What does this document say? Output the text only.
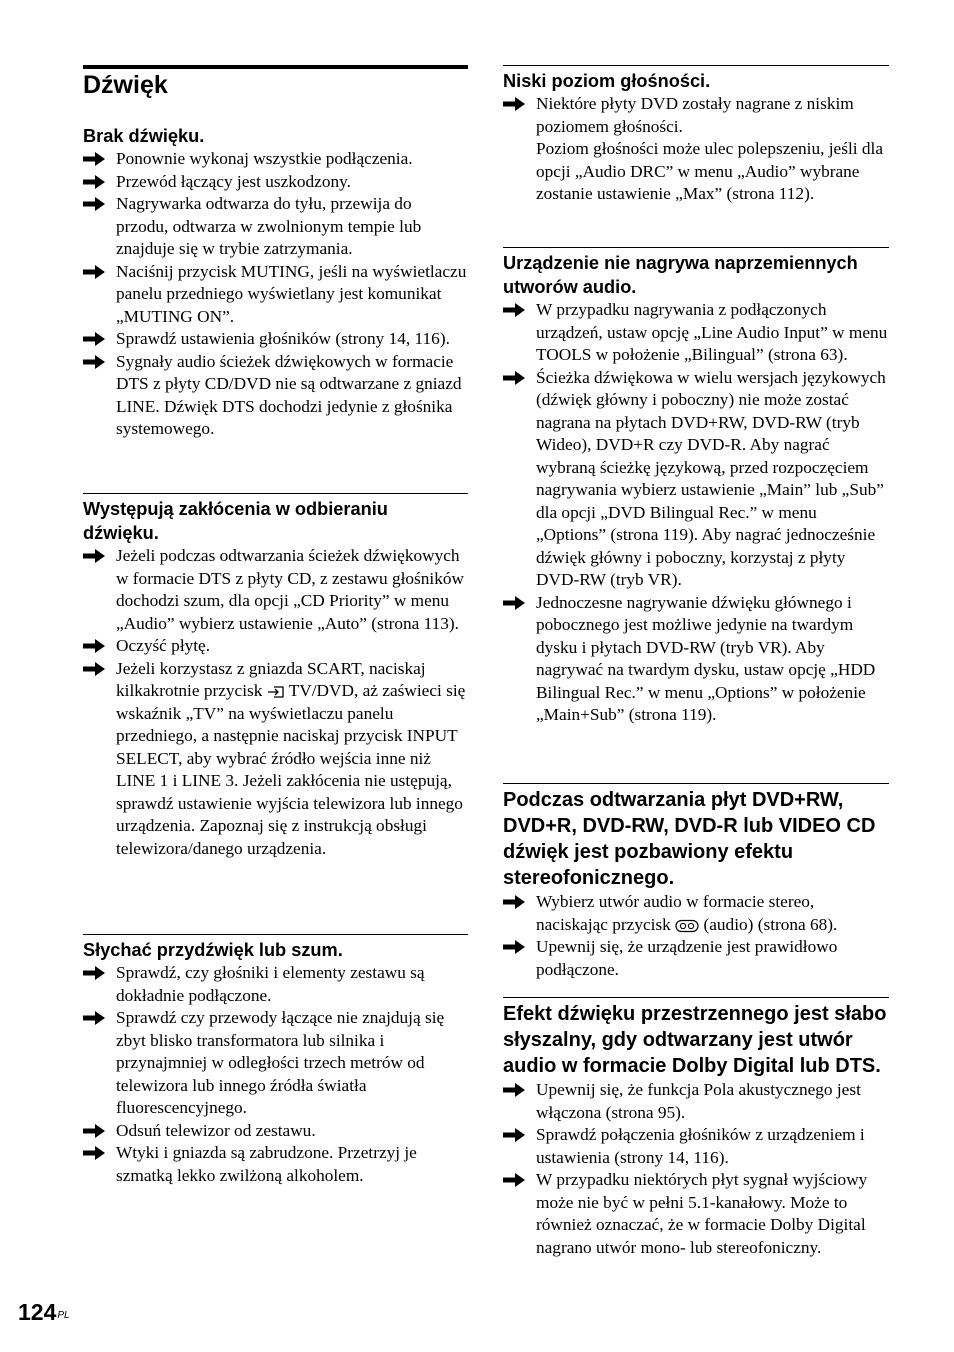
Dźwięk
Brak dźwięku.
Ponownie wykonaj wszystkie podłączenia.
Przewód łączący jest uszkodzony.
Nagrywarka odtwarza do tyłu, przewija do przodu, odtwarza w zwolnionym tempie lub znajduje się w trybie zatrzymania.
Naciśnij przycisk MUTING, jeśli na wyświetlaczu panelu przedniego wyświetlany jest komunikat „MUTING ON”.
Sprawdź ustawienia głośników (strony 14, 116).
Sygnały audio ścieżek dźwiękowych w formacie DTS z płyty CD/DVD nie są odtwarzane z gniazd LINE. Dźwięk DTS dochodzi jedynie z głośnika systemowego.
Występują zakłócenia w odbieraniu dźwięku.
Jeżeli podczas odtwarzania ścieżek dźwiękowych w formacie DTS z płyty CD, z zestawu głośników dochodzi szum, dla opcji „CD Priority” w menu „Audio” wybierz ustawienie „Auto” (strona 113).
Oczyść płytę.
Jeżeli korzystasz z gniazda SCART, naciskaj kilkakrotnie przycisk TV/DVD, aż zaświeci się wskaźnik „TV” na wyświetlaczu panelu przedniego, a następnie naciskaj przycisk INPUT SELECT, aby wybrać źródło wejścia inne niż LINE 1 i LINE 3. Jeżeli zakłócenia nie ustępują, sprawdź ustawienie wyjścia telewizora lub innego urządzenia. Zapoznaj się z instrukcją obsługi telewizora/danego urządzenia.
Słychać przydźwięk lub szum.
Sprawdź, czy głośniki i elementy zestawu są dokładnie podłączone.
Sprawdź czy przewody łączące nie znajdują się zbyt blisko transformatora lub silnika i przynajmniej w odległości trzech metrów od telewizora lub innego źródła światła fluorescencyjnego.
Odsuń telewizor od zestawu.
Wtyki i gniazda są zabrudzone. Przetrzyj je szmatką lekko zwilżoną alkoholem.
Niski poziom głośności.
Niektóre płyty DVD zostały nagrane z niskim poziomem głośności.
Poziom głośności może ulec polepszeniu, jeśli dla opcji „Audio DRC” w menu „Audio” wybrane zostanie ustawienie „Max” (strona 112).
Urządzenie nie nagrywa naprzemiennych utworów audio.
W przypadku nagrywania z podłączonych urządzeń, ustaw opcję „Line Audio Input” w menu TOOLS w położenie „Bilingual” (strona 63).
Ścieżka dźwiękowa w wielu wersjach językowych (dźwięk główny i poboczny) nie może zostać nagrana na płytach DVD+RW, DVD-RW (tryb Wideo), DVD+R czy DVD-R. Aby nagrać wybraną ścieżkę językową, przed rozpoczęciem nagrywania wybierz ustawienie „Main” lub „Sub” dla opcji „DVD Bilingual Rec.” w menu „Options” (strona 119). Aby nagrać jednocześnie dźwięk główny i poboczny, korzystaj z płyty DVD-RW (tryb VR).
Jednoczesne nagrywanie dźwięku głównego i pobocznego jest możliwe jedynie na twardym dysku i płytach DVD-RW (tryb VR). Aby nagrywać na twardym dysku, ustaw opcję „HDD Bilingual Rec.” w menu „Options” w położenie „Main+Sub” (strona 119).
Podczas odtwarzania płyt DVD+RW, DVD+R, DVD-RW, DVD-R lub VIDEO CD dźwięk jest pozbawiony efektu stereofonicznego.
Wybierz utwór audio w formacie stereo, naciskając przycisk (audio) (strona 68).
Upewnij się, że urządzenie jest prawidłowo podłączone.
Efekt dźwięku przestrzennego jest słabo słyszalny, gdy odtwarzany jest utwór audio w formacie Dolby Digital lub DTS.
Upewnij się, że funkcja Pola akustycznego jest włączona (strona 95).
Sprawdź połączenia głośników z urządzeniem i ustawienia (strony 14, 116).
W przypadku niektórych płyt sygnał wyjściowy może nie być w pełni 5.1-kanałowy. Może to również oznaczać, że w formacie Dolby Digital nagrano utwór mono- lub stereofoniczny.
$124^{PL}$
